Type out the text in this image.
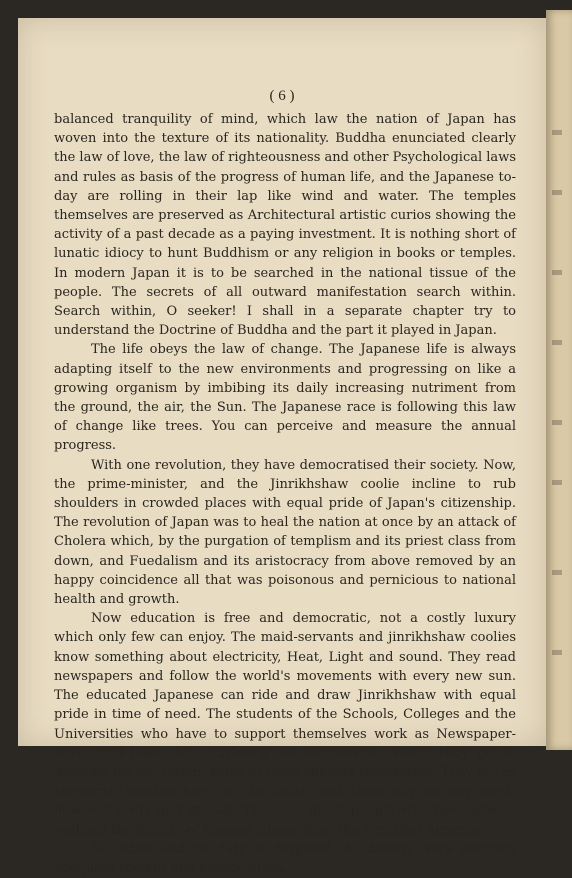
( 6 )

balanced tranquility of mind, which law the nation of Japan has woven into the texture of its nationality. Buddha enunciated clearly the law of love, the law of righteousness and other Psychological laws and rules as basis of the progress of human life, and the Japanese to-day are rolling in their lap like wind and water. The temples themselves are preserved as Architectural artistic curios showing the activity of a past decade as a paying investment. It is nothing short of lunatic idiocy to hunt Buddhism or any religion in books or temples. In modern Japan it is to be searched in the national tissue of the people. The secrets of all outward manifestation search within. Search within, O seeker! I shall in a separate chapter try to understand the Doctrine of Buddha and the part it played in Japan.

The life obeys the law of change. The Japanese life is always adapting itself to the new environments and progressing on like a growing organism by imbibing its daily increasing nutriment from the ground, the air, the Sun. The Japanese race is following this law of change like trees. You can perceive and measure the annual progress.

With one revolution, they have democratised their society. Now, the prime-minister, and the Jinrikhshaw coolie incline to rub shoulders in crowded places with equal pride of Japan's citizenship. The revolution of Japan was to heal the nation at once by an attack of Cholera which, by the purgation of templism and its priest class from down, and Fuedalism and its aristocracy from above removed by an happy coincidence all that was poisonous and pernicious to national health and growth.

Now education is free and democratic, not a costly luxury which only few can enjoy. The maid-servants and jinrikhshaw coolies know something about electricity, Heat, Light and sound. They read newspapers and follow the world's movements with every new sun. The educated Japanese can ride and draw Jinrikhshaw with equal pride in time of need. The students of the Schools, Colleges and the Universities who have to support themselves work as Newspaper-boys, milk-boys, &c., suffering no humiliation. When they go to America for education, many of them support themselves. They act as stewards, waiting boys on the table, and cheerfully do any work, however lowly and menial. They are great people who have atonce realised the dignity of manual labour from the Practical America.

No labor and no duty is despised. All honest work receives adequate reward and appreciation.
